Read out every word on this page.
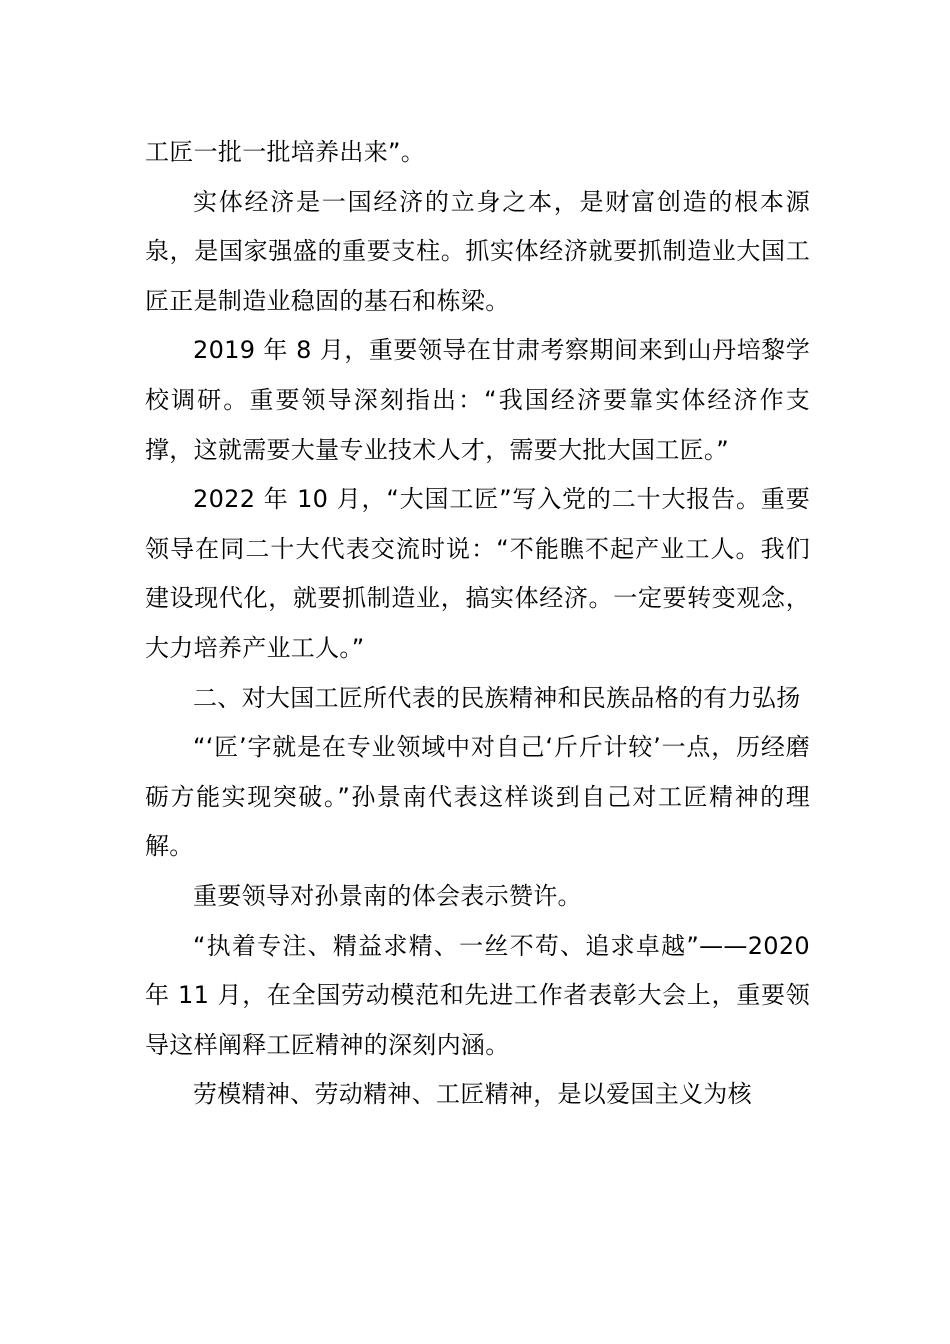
工匠一批一批培养出来”。

实体经济是一国经济的立身之本，是财富创造的根本源泉，是国家强盛的重要支柱。抓实体经济就要抓制造业大国工匠正是制造业稳固的基石和栋梁。

2019 年 8 月，重要领导在甘肃考察期间来到山丹培黎学校调研。重要领导深刻指出：“我国经济要靠实体经济作支撑，这就需要大量专业技术人才，需要大批大国工匠。”

2022 年 10 月，“大国工匠”写入党的二十大报告。重要领导在同二十大代表交流时说：“不能瞧不起产业工人。我们建设现代化，就要抓制造业，搞实体经济。一定要转变观念，大力培养产业工人。”

二、对大国工匠所代表的民族精神和民族品格的有力弘扬

“‘匠’字就是在专业领域中对自己‘斤斤计较’一点，历经磨砺方能实现突破。”孙景南代表这样谈到自己对工匠精神的理解。

重要领导对孙景南的体会表示赞许。

“执着专注、精益求精、一丝不苟、追求卓越”——2020 年 11 月，在全国劳动模范和先进工作者表彰大会上，重要领导这样阐释工匠精神的深刻内涵。

劳模精神、劳动精神、工匠精神，是以爱国主义为核
